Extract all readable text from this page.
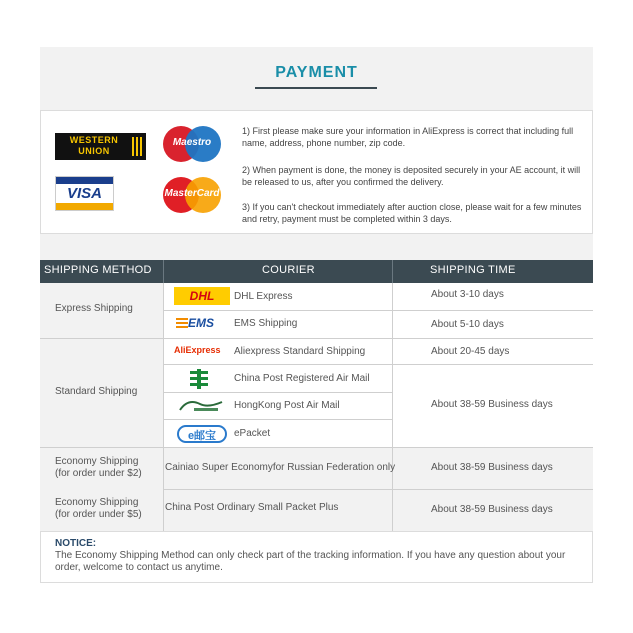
PAYMENT
WESTERN UNION
VISA
Maestro
MasterCard
1) First please make sure your information in AliExpress is correct that including full name, address, phone number, zip code.
2) When payment is done, the money is deposited securely in your AE account, it will be released to us, after you confirmed the delivery.
3) If you can't checkout immediately after auction close, please wait for a few minutes and retry, payment must be completed within 3 days.
SHIPPING METHOD	COURIER	SHIPPING TIME
Express Shipping
Standard Shipping
Economy Shipping (for order under $2)
Economy Shipping (for order under $5)
DHL
EMS
AliExpress
e邮宝
DHL Express
EMS Shipping
Aliexpress Standard Shipping
China Post Registered Air Mail
HongKong Post Air Mail
ePacket
Cainiao Super Economyfor Russian Federation only
China Post Ordinary Small Packet Plus
About 3-10 days
About 5-10 days
About 20-45 days
About 38-59 Business days
About 38-59 Business days
About 38-59 Business days
NOTICE:
The Economy Shipping Method can only check part of the tracking information. If you have any question about your order, welcome to contact us anytime.
